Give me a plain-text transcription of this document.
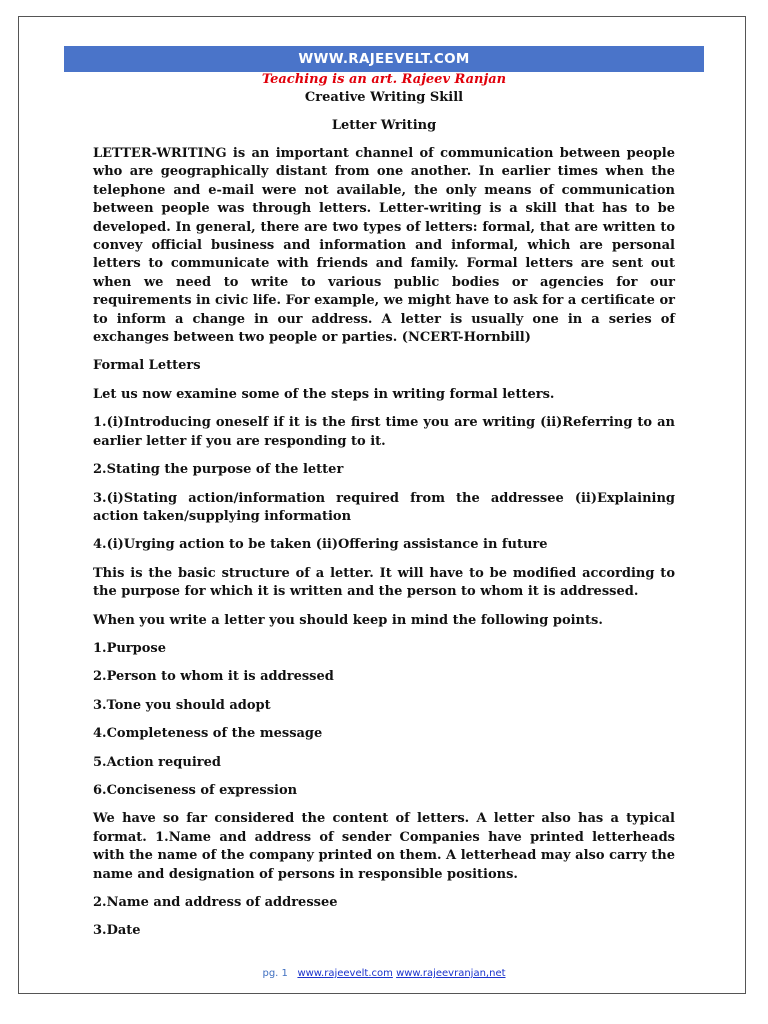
WWW.RAJEEVELT.COM
Teaching is an art. Rajeev Ranjan
Creative Writing Skill
Letter Writing

LETTER-WRITING is an important channel of communication between people who are geographically distant from one another. In earlier times when the telephone and e-mail were not available, the only means of communication between people was through letters. Letter-writing is a skill that has to be developed. In general, there are two types of letters: formal, that are written to convey official business and information and informal, which are personal letters to communicate with friends and family. Formal letters are sent out when we need to write to various public bodies or agencies for our requirements in civic life. For example, we might have to ask for a certificate or to inform a change in our address. A letter is usually one in a series of exchanges between two people or parties. (NCERT-Hornbill)

Formal Letters

Let us now examine some of the steps in writing formal letters.

1.(i)Introducing oneself if it is the first time you are writing (ii)Referring to an earlier letter if you are responding to it.

2.Stating the purpose of the letter

3.(i)Stating action/information required from the addressee (ii)Explaining action taken/supplying information

4.(i)Urging action to be taken (ii)Offering assistance in future

This is the basic structure of a letter. It will have to be modified according to the purpose for which it is written and the person to whom it is addressed.

When you write a letter you should keep in mind the following points.

1.Purpose

2.Person to whom it is addressed

3.Tone you should adopt

4.Completeness of the message

5.Action required

6.Conciseness of expression

We have so far considered the content of letters. A letter also has a typical format. 1.Name and address of sender Companies have printed letterheads with the name of the company printed on them. A letterhead may also carry the name and designation of persons in responsible positions.

2.Name and address of addressee

3.Date

pg. 1 www.rajeevelt.com www.rajeevranjan,net
